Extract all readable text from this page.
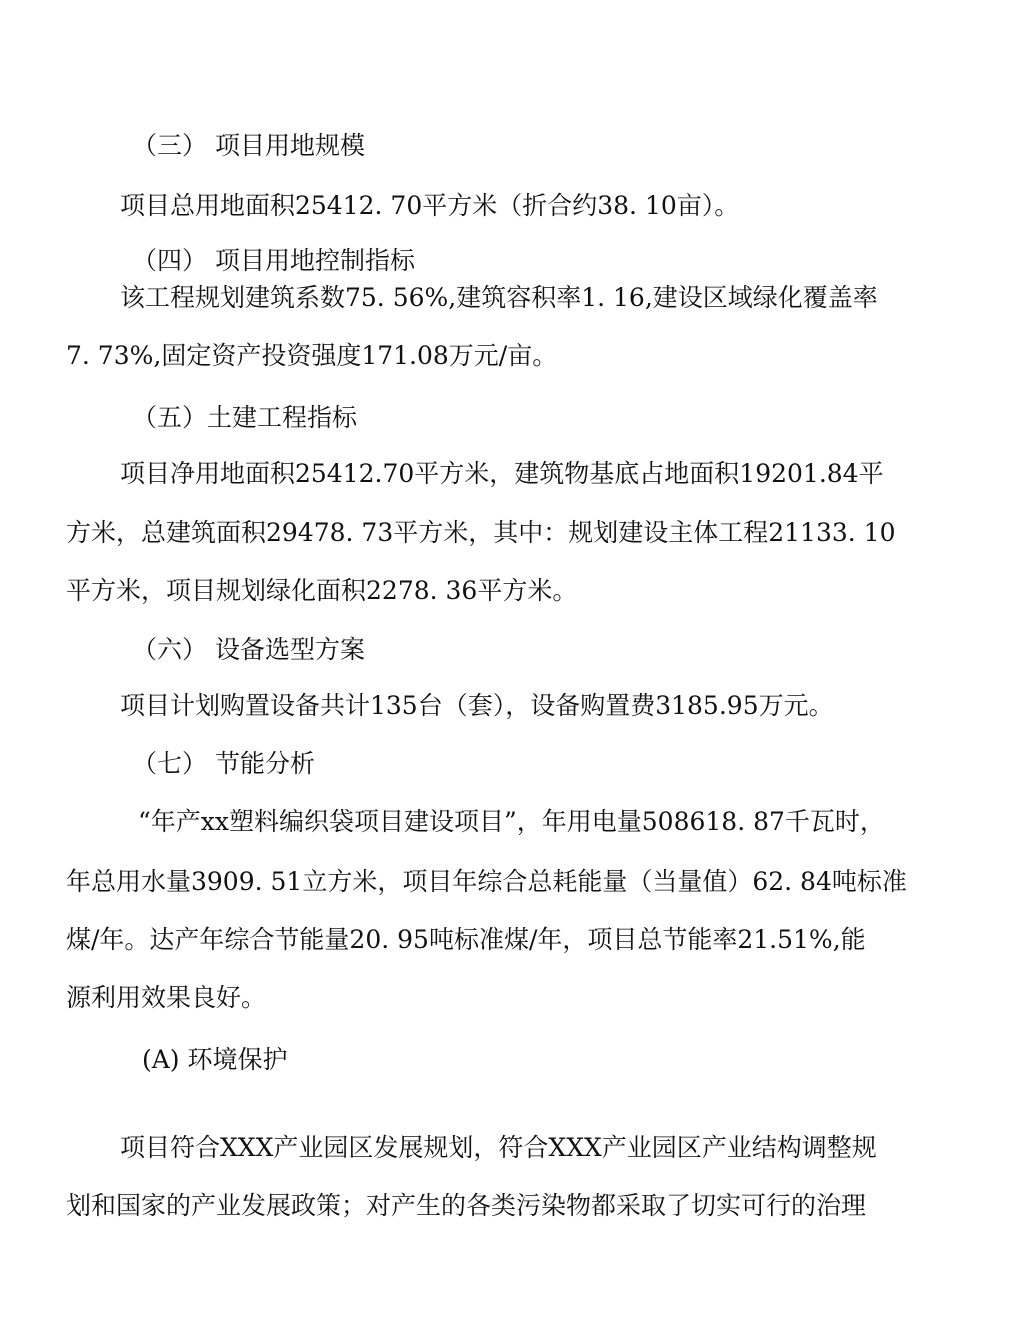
（三） 项目用地规模
项目总用地面积25412. 70平方米（折合约38. 10亩）。
（四） 项目用地控制指标
该工程规划建筑系数75. 56%,建筑容积率1. 16,建设区域绿化覆盖率
7. 73%,固定资产投资强度171.08万元/亩。
（五）土建工程指标
项目净用地面积25412.70平方米，建筑物基底占地面积19201.84平
方米，总建筑面积29478. 73平方米，其中：规划建设主体工程21133. 10
平方米，项目规划绿化面积2278. 36平方米。
（六） 设备选型方案
项目计划购置设备共计135台（套），设备购置费3185.95万元。
（七） 节能分析
“年产xx塑料编织袋项目建设项目”，年用电量508618. 87千瓦时，
年总用水量3909. 51立方米，项目年综合总耗能量（当量值）62. 84吨标准
煤/年。达产年综合节能量20. 95吨标准煤/年，项目总节能率21.51%,能
源利用效果良好。
(A) 环境保护
项目符合XXX产业园区发展规划，符合XXX产业园区产业结构调整规
划和国家的产业发展政策；对产生的各类污染物都采取了切实可行的治理
